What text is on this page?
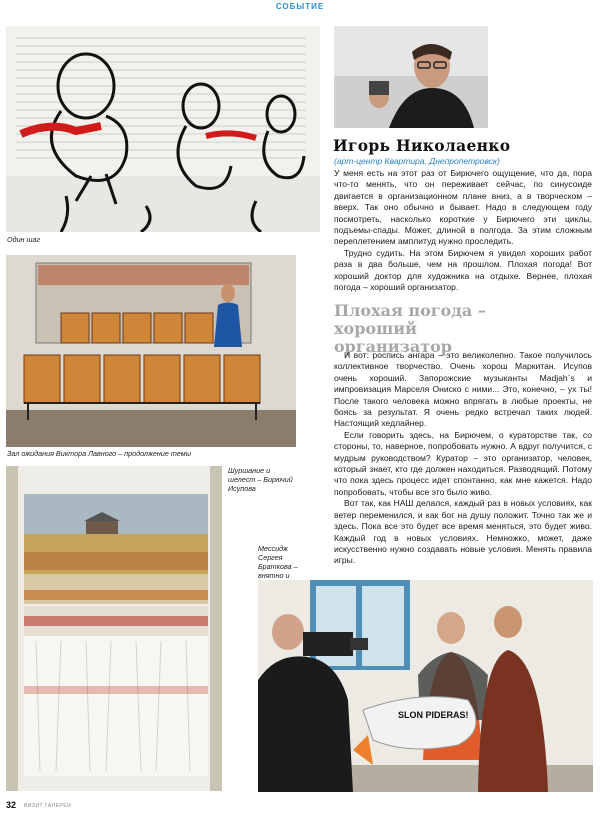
СОБЫТИЕ
Один шаг
Игорь Николаенко
(арт-центр Квартира, Днепропетровск)

У меня есть на этот раз от Бирючего ощущение, что да, пора что-то менять, что он переживает сейчас, по синусоиде двигается в организационном плане вниз, а в творческом – вверх. Так оно обычно и бывает. Надо в следующем году посмотреть, насколько короткие у Бирючего эти циклы, подъемы-спады. Может, длиной в полгода. За этим сложным переплетением амплитуд нужно проследить.

Трудно судить. На этом Бирючем я увидел хороших работ раза в два больше, чем на прошлом. Плохая погода! Вот хороший доктор для художника на отдыхе. Вернее, плохая погода – хороший организатор.

Зал ожидания Виктора Лавного – продолжение темы
Плохая погода – хороший организатор

И вот: роспись ангара – это великолепно. Такое получилось коллективное творчество. Очень хорош Маркитан. Исупов очень хороший. Запорожские музыканты Madjah`s и импровизация Марселя Ониско с ними... Это, конечно, – ух ты! После такого человека можно впрягать в любые проекты, не боясь за результат. Я очень редко встречал таких людей. Настоящий хедлайнер.

Если говорить здесь, на Бирючем, о кураторстве так, со стороны, то, наверное, попробовать нужно. А вдруг получится, с мудрым руководством? Куратор – это организатор, человек, который знает, кто где должен находиться. Разводящий. Потому что пока здесь процесс идет спонтанно, как мне кажется. Надо попробовать, чтобы все это было живо.

Вот так, как НАШ делался, каждый раз в новых условиях, как ветер переменился, и как бог на душу положит. Точно так же и здесь. Пока все это будет все время меняться, это будет живо. Каждый год в новых условиях. Немножко, может, даже искусственно нужно создавать новые условия. Менять правила игры.

Шуршание и шелест – Бирючий Исупова
Мессидж Сергея Браткова – внятно и
SLON PIDERAS!
32 ВИЗИТ ГАЛЕРЕИ
